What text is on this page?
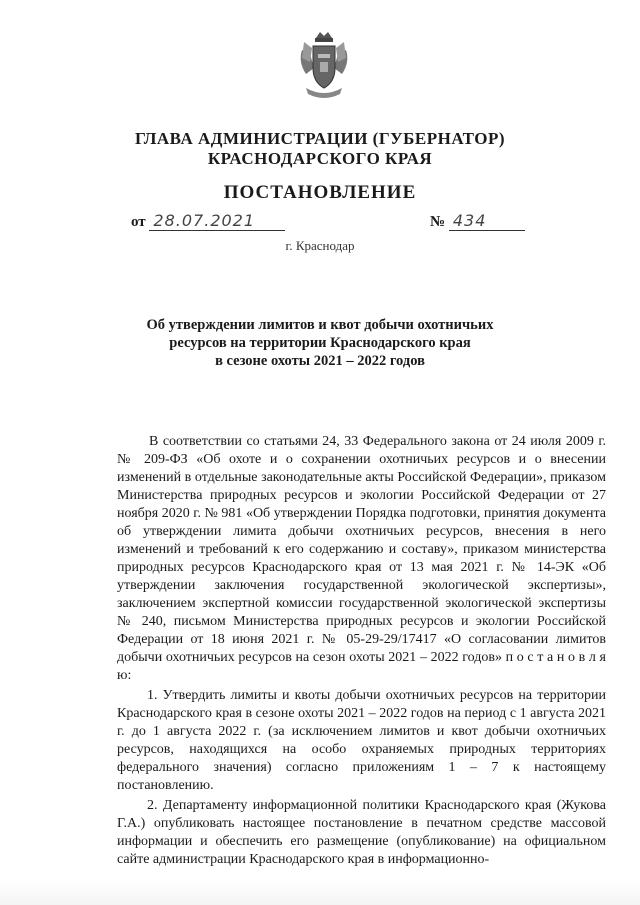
ГЛАВА АДМИНИСТРАЦИИ (ГУБЕРНАТОР)
КРАСНОДАРСКОГО КРАЯ
ПОСТАНОВЛЕНИЕ
от 28.07.2021	№ 434
г. Краснодар
Об утверждении лимитов и квот добычи охотничьих
ресурсов на территории Краснодарского края
в сезоне охоты 2021 – 2022 годов

В соответствии со статьями 24, 33 Федерального закона от 24 июля 2009 г. № 209-ФЗ «Об охоте и о сохранении охотничьих ресурсов и о внесении изменений в отдельные законодательные акты Российской Федерации», приказом Министерства природных ресурсов и экологии Российской Федерации от 27 ноября 2020 г. № 981 «Об утверждении Порядка подготовки, принятия документа об утверждении лимита добычи охотничьих ресурсов, внесения в него изменений и требований к его содержанию и составу», приказом министерства природных ресурсов Краснодарского края от 13 мая 2021 г. № 14-ЭК «Об утверждении заключения государственной экологической экспертизы», заключением экспертной комиссии государственной экологической экспертизы № 240, письмом Министерства природных ресурсов и экологии Российской Федерации от 18 июня 2021 г. № 05-29-29/17417 «О согласовании лимитов добычи охотничьих ресурсов на сезон охоты 2021 – 2022 годов» п о с т а н о в л я ю:

1. Утвердить лимиты и квоты добычи охотничьих ресурсов на территории Краснодарского края в сезоне охоты 2021 – 2022 годов на период с 1 августа 2021 г. до 1 августа 2022 г. (за исключением лимитов и квот добычи охотничьих ресурсов, находящихся на особо охраняемых природных территориях федерального значения) согласно приложениям 1 – 7 к настоящему постановлению.

2. Департаменту информационной политики Краснодарского края (Жукова Г.А.) опубликовать настоящее постановление в печатном средстве массовой информации и обеспечить его размещение (опубликование) на официальном сайте администрации Краснодарского края в информационно-
